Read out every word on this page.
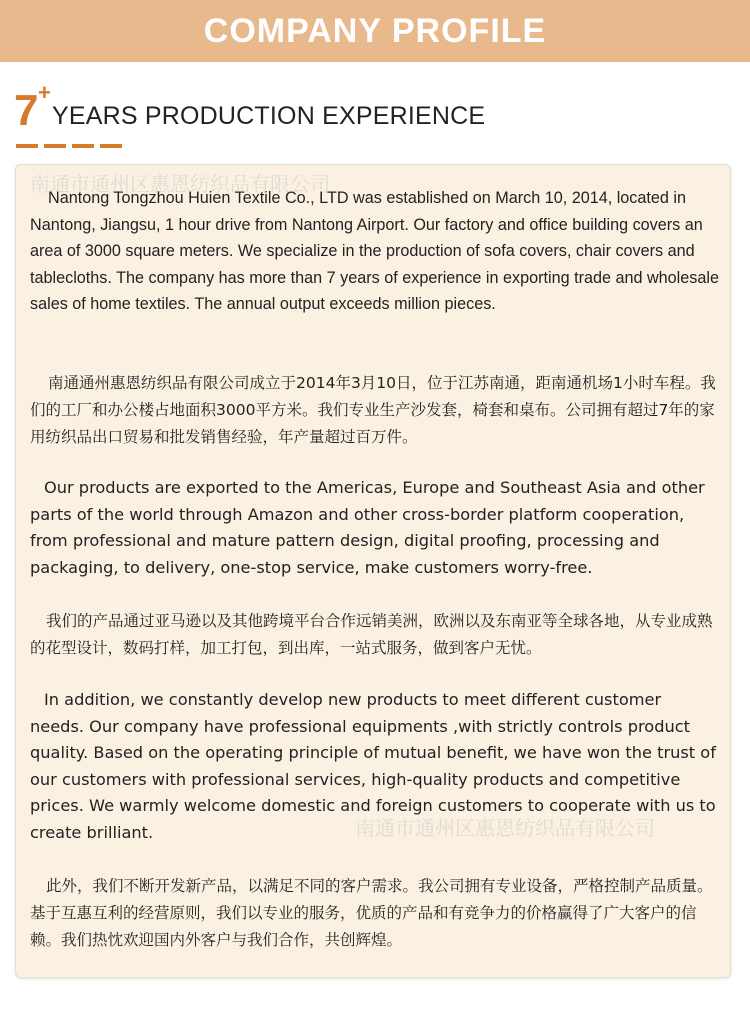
COMPANY PROFILE
7 +
YEARS PRODUCTION EXPERIENCE

Nantong Tongzhou Huien Textile Co., LTD was established on March 10, 2014, located in Nantong, Jiangsu, 1 hour drive from Nantong Airport. Our factory and office building covers an area of 3000 square meters. We specialize in the production of sofa covers, chair covers and tablecloths. The company has more than 7 years of experience in exporting trade and wholesale sales of home textiles. The annual output exceeds million pieces.

南通通州惠恩纺织品有限公司成立于2014年3月10日，位于江苏南通，距南通机场1小时车程。我们的工厂和办公楼占地面积3000平方米。我们专业生产沙发套，椅套和桌布。公司拥有超过7年的家用纺织品出口贸易和批发销售经验，年产量超过百万件。

Our products are exported to the Americas, Europe and Southeast Asia and other parts of the world through Amazon and other cross-border platform cooperation, from professional and mature pattern design, digital proofing, processing and packaging, to delivery, one-stop service, make customers worry-free.

我们的产品通过亚马逊以及其他跨境平台合作远销美洲，欧洲以及东南亚等全球各地，从专业成熟的花型设计，数码打样，加工打包，到出库，一站式服务，做到客户无忧。

In addition, we constantly develop new products to meet different customer needs. Our company have professional equipments ,with strictly controls product quality. Based on the operating principle of mutual benefit, we have won the trust of our customers with professional services, high-quality products and competitive prices. We warmly welcome domestic and foreign customers to cooperate with us to create brilliant.

此外，我们不断开发新产品，以满足不同的客户需求。我公司拥有专业设备，严格控制产品质量。基于互惠互利的经营原则，我们以专业的服务，优质的产品和有竞争力的价格赢得了广大客户的信赖。我们热忱欢迎国内外客户与我们合作，共创辉煌。

南通市通州区惠恩纺织品有限公司
南通市通州区惠恩纺织品有限公司
